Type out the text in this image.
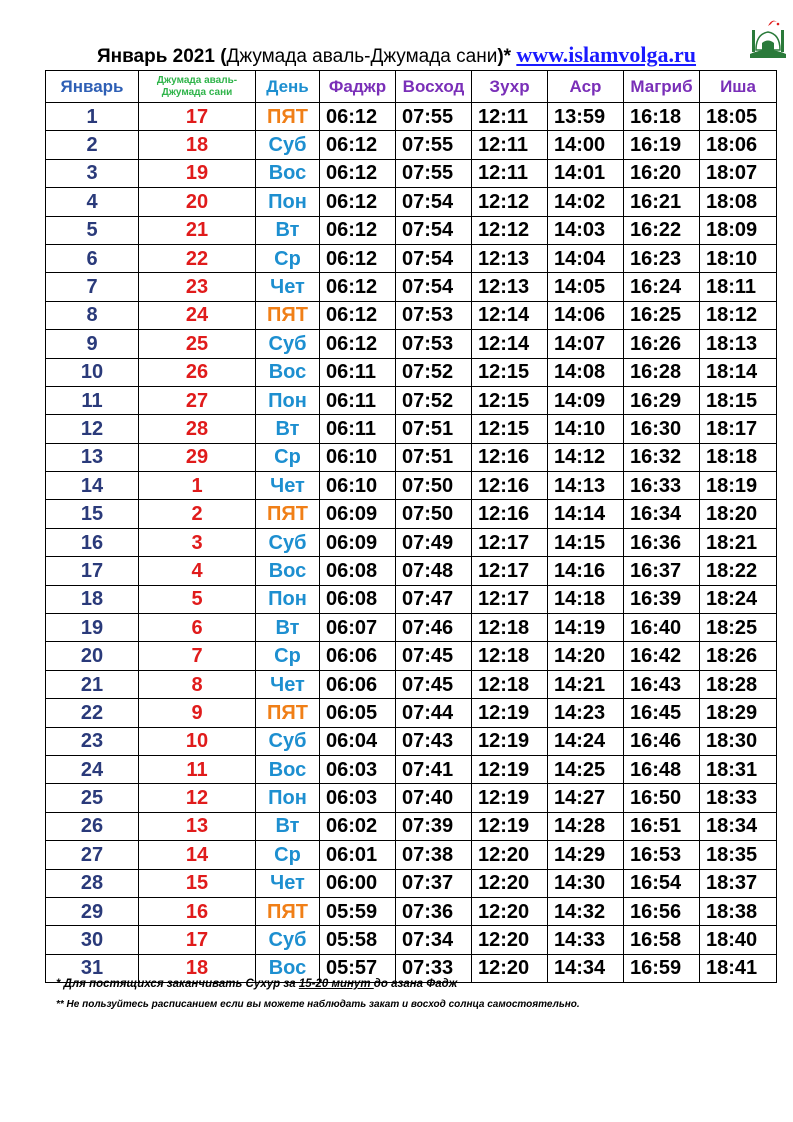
Январь 2021 (Джумада аваль-Джумада сани)* www.islamvolga.ru
Январь	Джумада аваль-Джумада сани	День	Фаджр	Восход	Зухр	Аср	Магриб	Иша
1	17	ПЯТ	06:12	07:55	12:11	13:59	16:18	18:05
2	18	Суб	06:12	07:55	12:11	14:00	16:19	18:06
3	19	Вос	06:12	07:55	12:11	14:01	16:20	18:07
4	20	Пон	06:12	07:54	12:12	14:02	16:21	18:08
5	21	Вт	06:12	07:54	12:12	14:03	16:22	18:09
6	22	Ср	06:12	07:54	12:13	14:04	16:23	18:10
7	23	Чет	06:12	07:54	12:13	14:05	16:24	18:11
8	24	ПЯТ	06:12	07:53	12:14	14:06	16:25	18:12
9	25	Суб	06:12	07:53	12:14	14:07	16:26	18:13
10	26	Вос	06:11	07:52	12:15	14:08	16:28	18:14
11	27	Пон	06:11	07:52	12:15	14:09	16:29	18:15
12	28	Вт	06:11	07:51	12:15	14:10	16:30	18:17
13	29	Ср	06:10	07:51	12:16	14:12	16:32	18:18
14	1	Чет	06:10	07:50	12:16	14:13	16:33	18:19
15	2	ПЯТ	06:09	07:50	12:16	14:14	16:34	18:20
16	3	Суб	06:09	07:49	12:17	14:15	16:36	18:21
17	4	Вос	06:08	07:48	12:17	14:16	16:37	18:22
18	5	Пон	06:08	07:47	12:17	14:18	16:39	18:24
19	6	Вт	06:07	07:46	12:18	14:19	16:40	18:25
20	7	Ср	06:06	07:45	12:18	14:20	16:42	18:26
21	8	Чет	06:06	07:45	12:18	14:21	16:43	18:28
22	9	ПЯТ	06:05	07:44	12:19	14:23	16:45	18:29
23	10	Суб	06:04	07:43	12:19	14:24	16:46	18:30
24	11	Вос	06:03	07:41	12:19	14:25	16:48	18:31
25	12	Пон	06:03	07:40	12:19	14:27	16:50	18:33
26	13	Вт	06:02	07:39	12:19	14:28	16:51	18:34
27	14	Ср	06:01	07:38	12:20	14:29	16:53	18:35
28	15	Чет	06:00	07:37	12:20	14:30	16:54	18:37
29	16	ПЯТ	05:59	07:36	12:20	14:32	16:56	18:38
30	17	Суб	05:58	07:34	12:20	14:33	16:58	18:40
31	18	Вос	05:57	07:33	12:20	14:34	16:59	18:41
* Для постящихся заканчивать Сухур за 15-20 минут до азана Фадж
** Не пользуйтесь расписанием если вы можете наблюдать закат и восход солнца самостоятельно.
